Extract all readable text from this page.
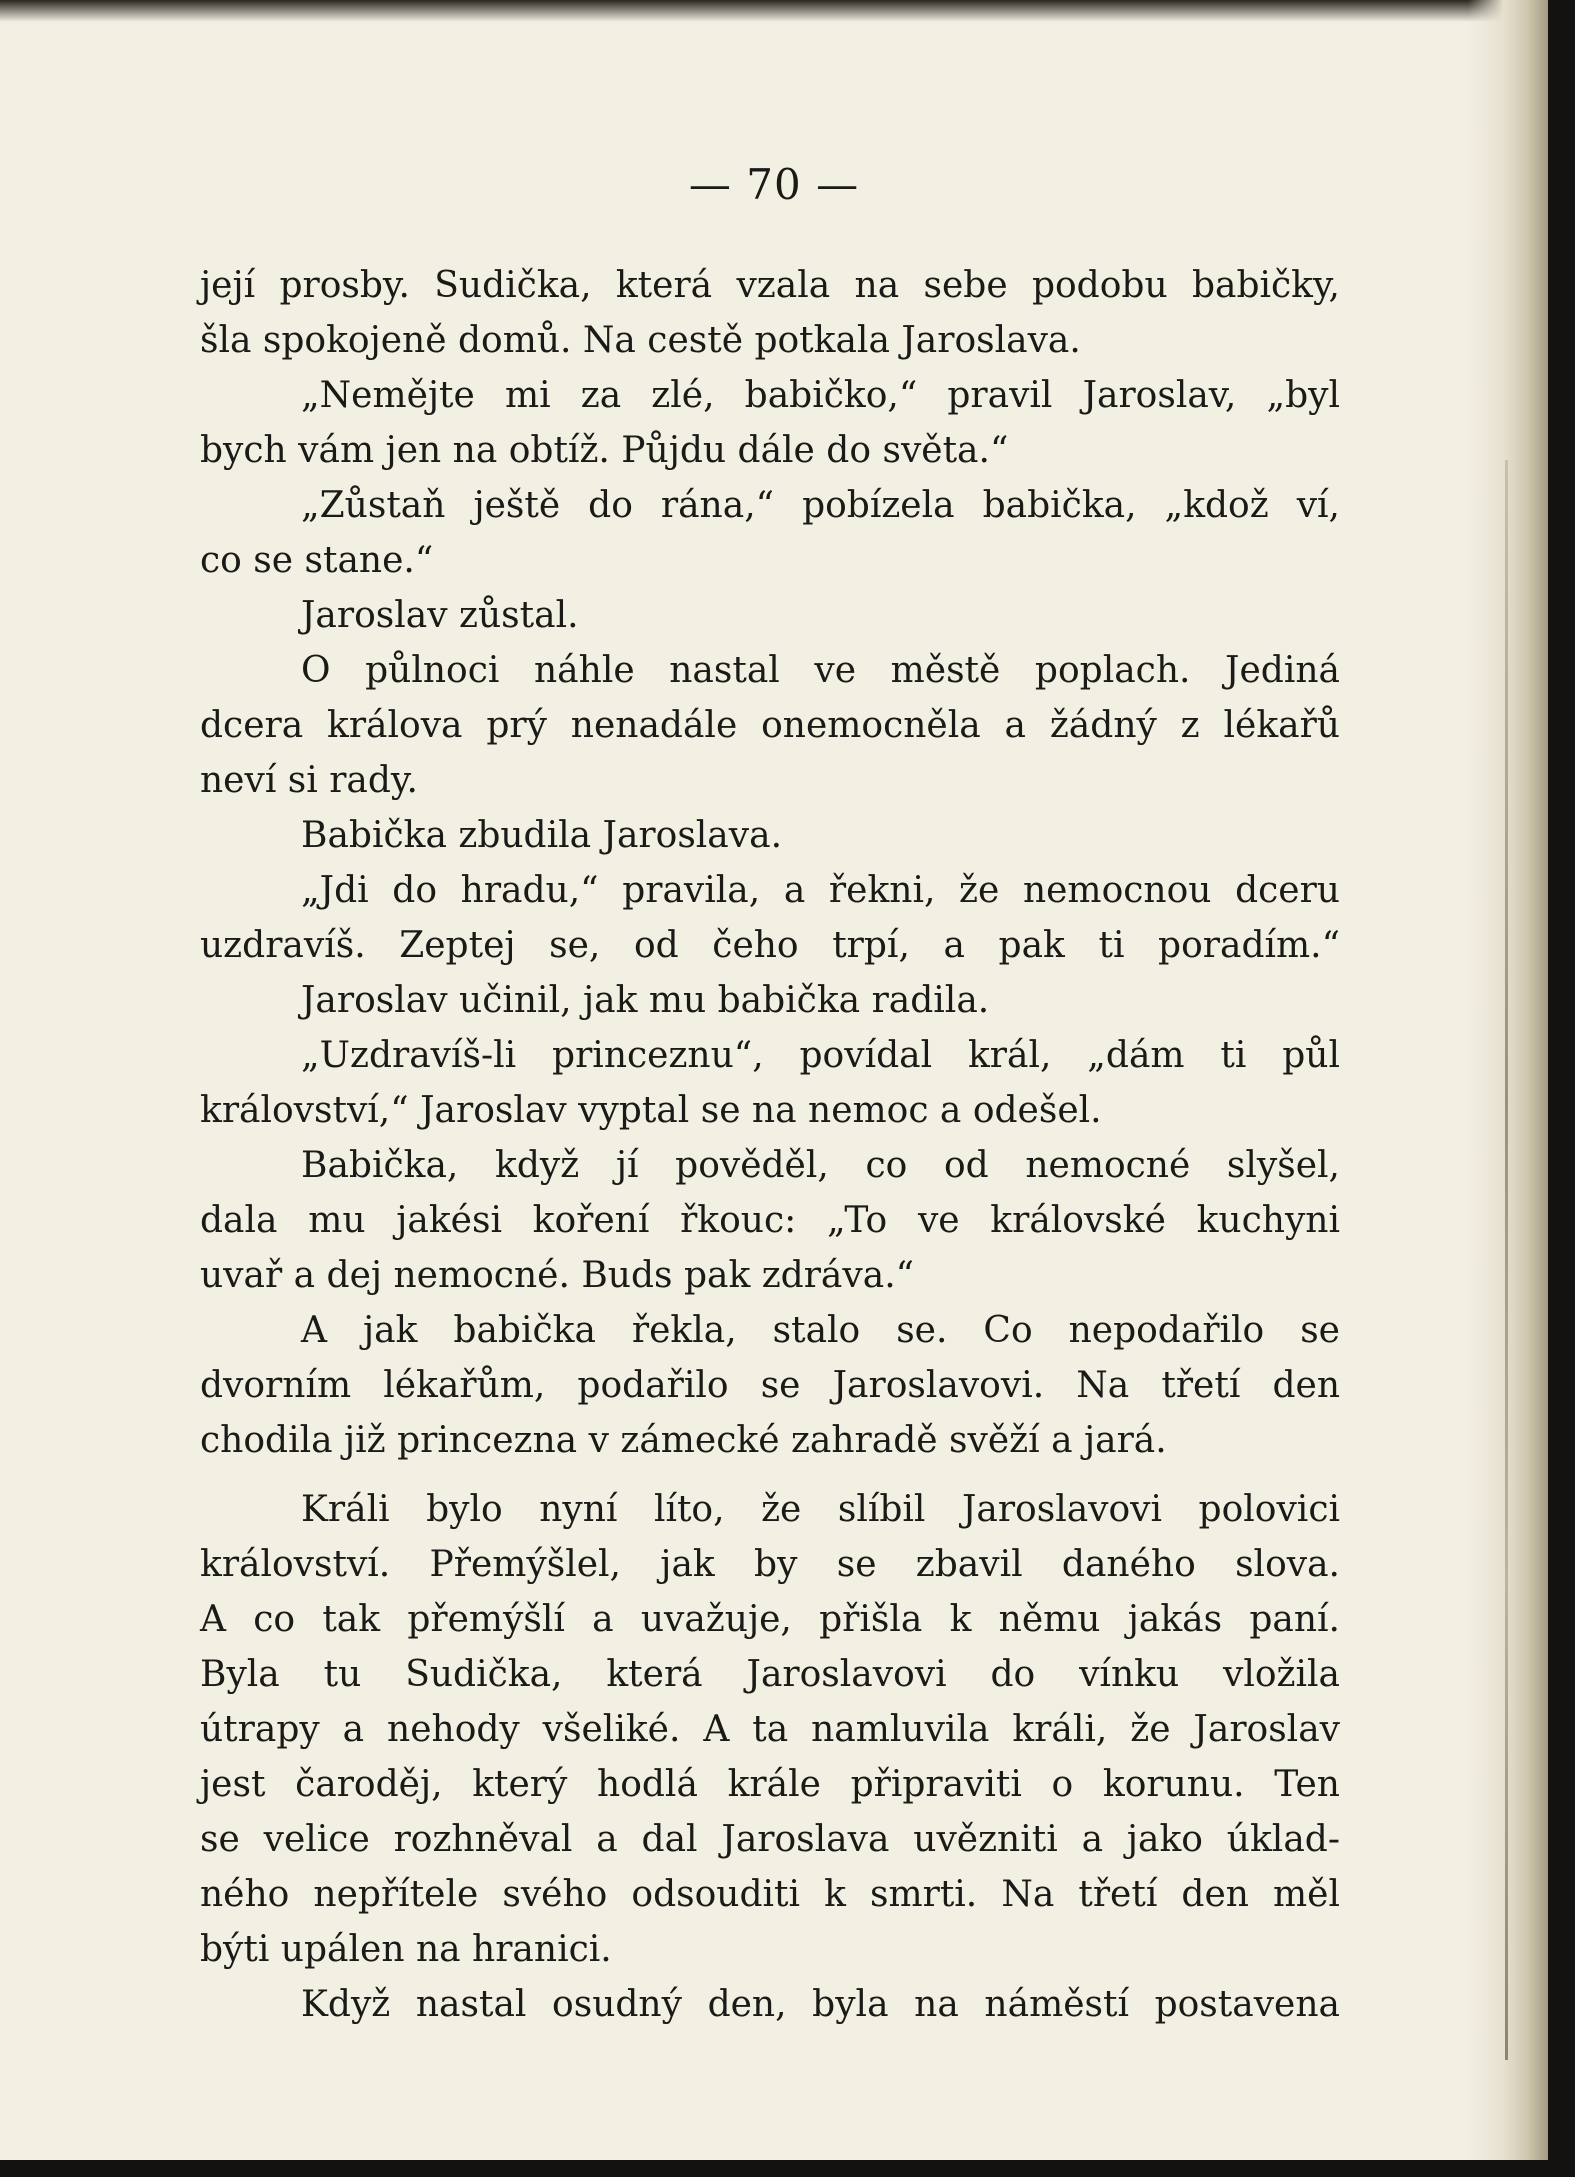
— 70 —
její prosby. Sudička, která vzala na sebe podobu babičky,
šla spokojeně domů. Na cestě potkala Jaroslava.
„Nemějte mi za zlé, babičko,“ pravil Jaroslav, „byl
bych vám jen na obtíž. Půjdu dále do světa.“
„Zůstaň ještě do rána,“ pobízela babička, „kdož ví,
co se stane.“
Jaroslav zůstal.
O půlnoci náhle nastal ve městě poplach. Jediná
dcera králova prý nenadále onemocněla a žádný z lékařů
neví si rady.
Babička zbudila Jaroslava.
„Jdi do hradu,“ pravila, a řekni, že nemocnou dceru
uzdravíš. Zeptej se, od čeho trpí, a pak ti poradím.“
Jaroslav učinil, jak mu babička radila.
„Uzdravíš-li princeznu“, povídal král, „dám ti půl
království,“ Jaroslav vyptal se na nemoc a odešel.
Babička, když jí pověděl, co od nemocné slyšel,
dala mu jakési koření řkouc: „To ve královské kuchyni
uvař a dej nemocné. Buds pak zdráva.“
A jak babička řekla, stalo se. Co nepodařilo se
dvorním lékařům, podařilo se Jaroslavovi. Na třetí den
chodila již princezna v zámecké zahradě svěží a jará.
Králi bylo nyní líto, že slíbil Jaroslavovi polovici
království. Přemýšlel, jak by se zbavil daného slova.
A co tak přemýšlí a uvažuje, přišla k němu jakás paní.
Byla tu Sudička, která Jaroslavovi do vínku vložila
útrapy a nehody všeliké. A ta namluvila králi, že Jaroslav
jest čaroděj, který hodlá krále připraviti o korunu. Ten
se velice rozhněval a dal Jaroslava uvězniti a jako úklad-
ného nepřítele svého odsouditi k smrti. Na třetí den měl
býti upálen na hranici.
Když nastal osudný den, byla na náměstí postavena
